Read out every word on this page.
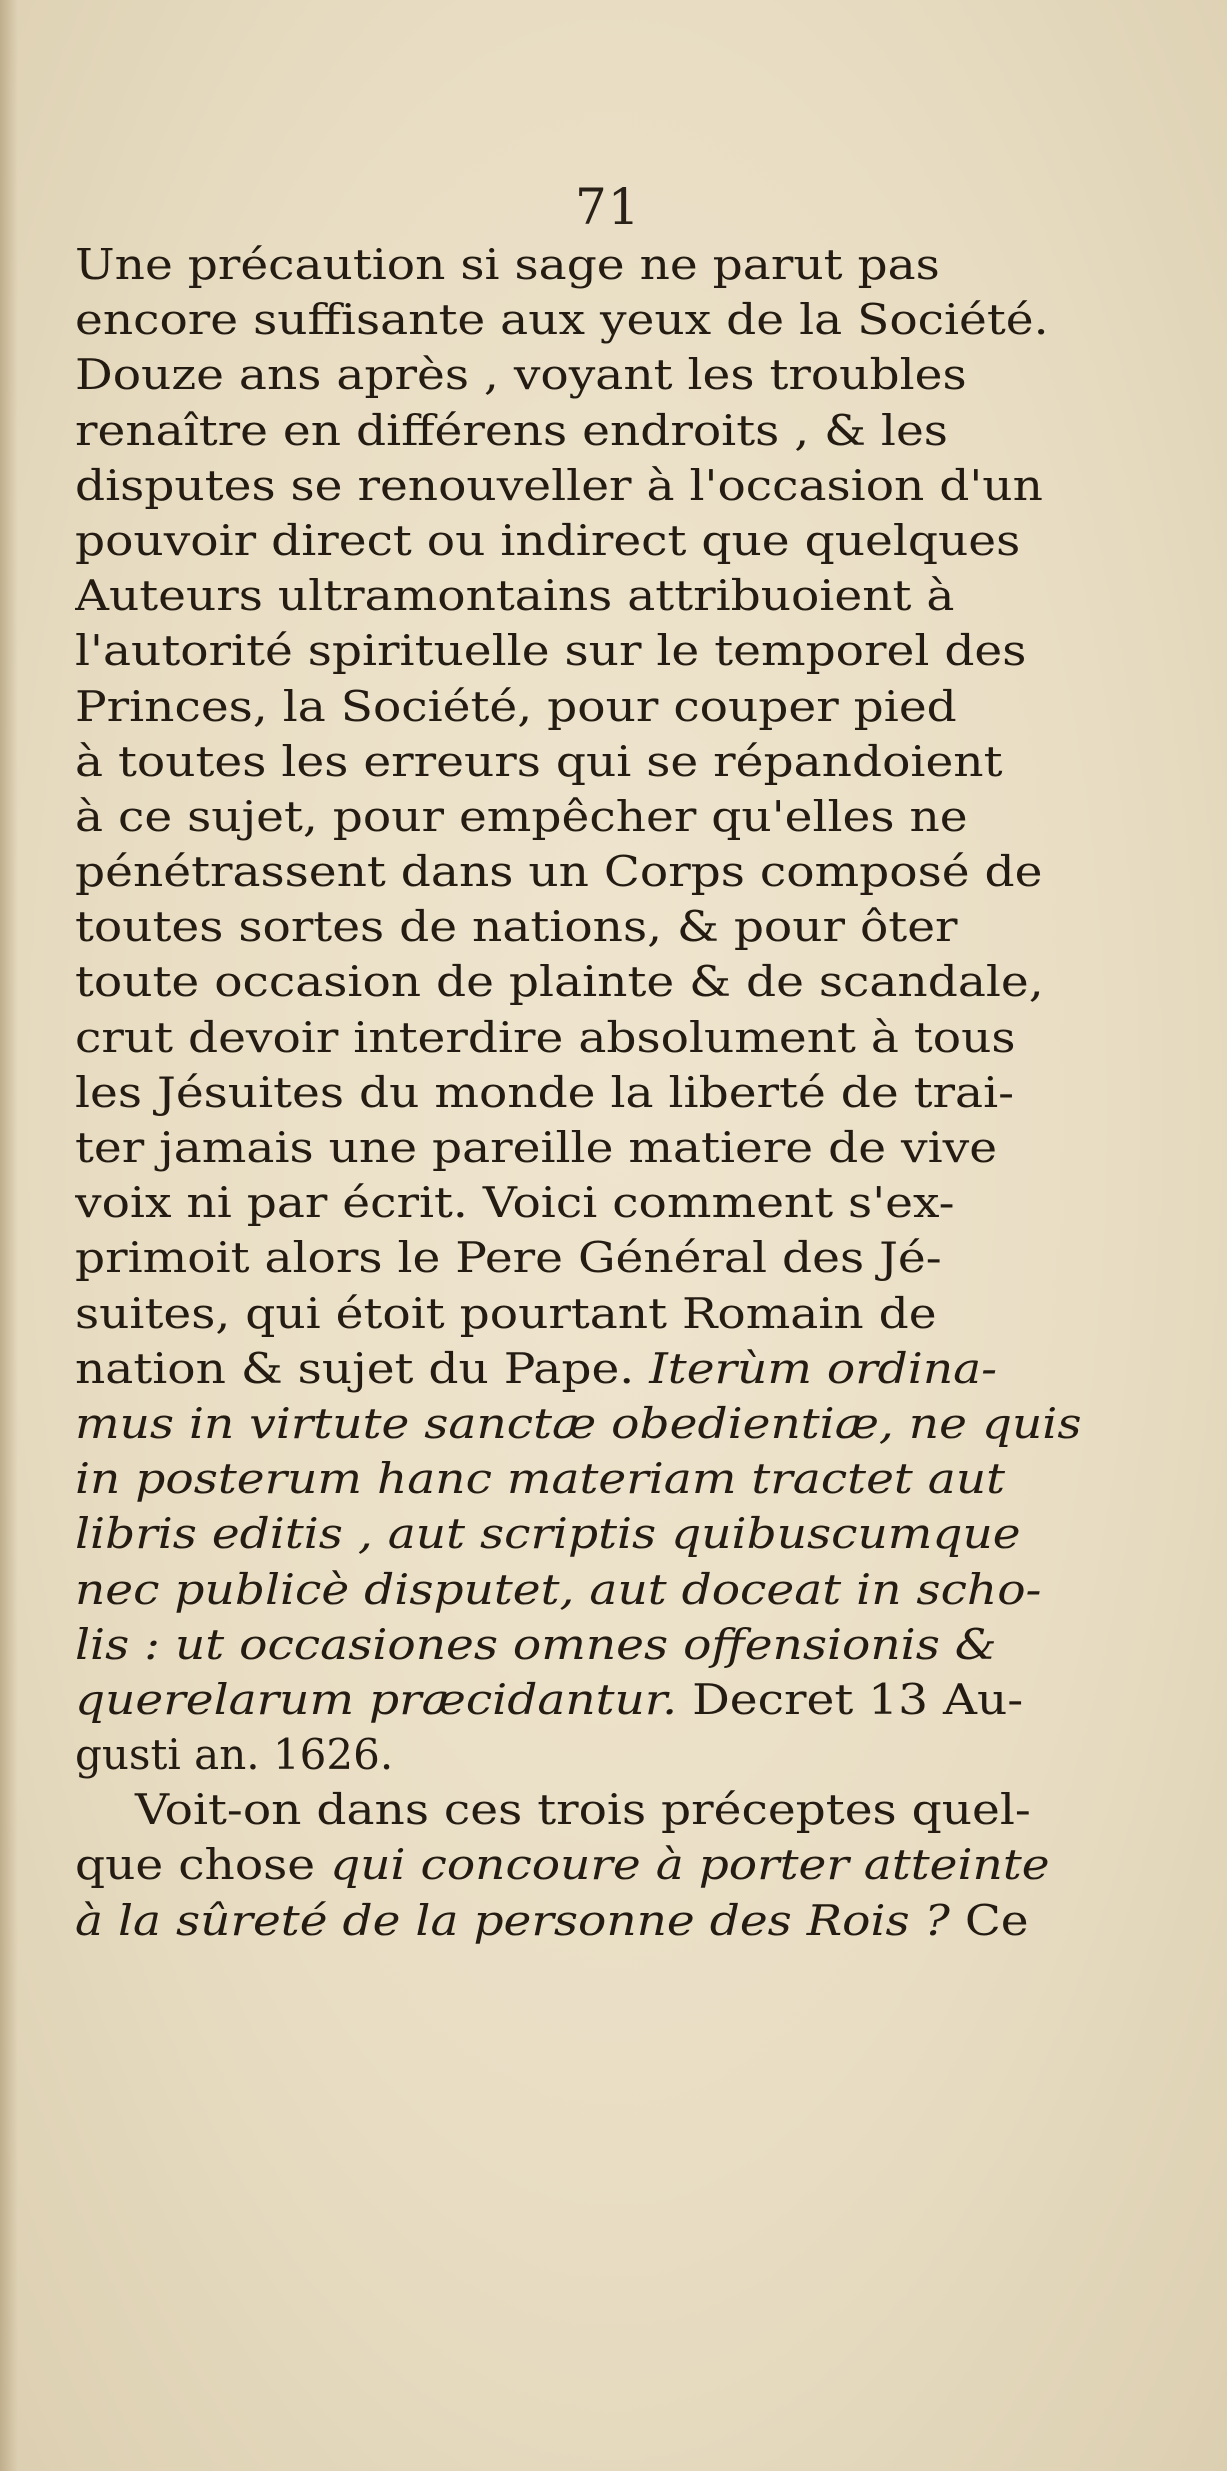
71
Une précaution si sage ne parut pas
encore suffisante aux yeux de la Société.
Douze ans après , voyant les troubles
renaître en différens endroits , & les
disputes se renouveller à l'occasion d'un
pouvoir direct ou indirect que quelques
Auteurs ultramontains attribuoient à
l'autorité spirituelle sur le temporel des
Princes, la Société, pour couper pied
à toutes les erreurs qui se répandoient
à ce sujet, pour empêcher qu'elles ne
pénétrassent dans un Corps composé de
toutes sortes de nations, & pour ôter
toute occasion de plainte & de scandale,
crut devoir interdire absolument à tous
les Jésuites du monde la liberté de trai-
ter jamais une pareille matiere de vive
voix ni par écrit. Voici comment s'ex-
primoit alors le Pere Général des Jé-
suites, qui étoit pourtant Romain de
nation & sujet du Pape. Iterùm ordina-
mus in virtute sanctæ obedientiæ, ne quis
in posterum hanc materiam tractet aut
libris editis , aut scriptis quibuscumque
nec publicè disputet, aut doceat in scho-
lis : ut occasiones omnes offensionis &
querelarum præcidantur. Decret 13 Au-
gusti an. 1626.
Voit-on dans ces trois préceptes quel-
que chose qui concoure à porter atteinte
à la sûreté de la personne des Rois ? Ce
